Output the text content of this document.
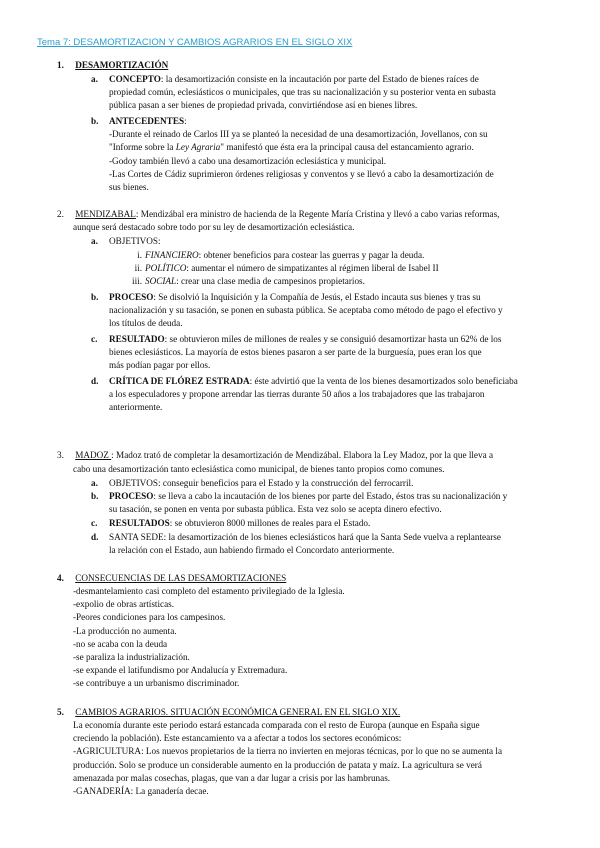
Tema 7: DESAMORTIZACION Y CAMBIOS AGRARIOS EN EL SIGLO XIX
1. DESAMORTIZACIÓN
a. CONCEPTO: la desamortización consiste en la incautación por parte del Estado de bienes raíces de
propiedad común, eclesiásticos o municipales, que tras su nacionalización y su posterior venta en subasta
pública pasan a ser bienes de propiedad privada, convirtiéndose así en bienes libres.
b. ANTECEDENTES:
-Durante el reinado de Carlos III ya se planteó la necesidad de una desamortización, Jovellanos, con su
"Informe sobre la Ley Agraria" manifestó que ésta era la principal causa del estancamiento agrario.
-Godoy también llevó a cabo una desamortización eclesiástica y municipal.
-Las Cortes de Cádiz suprimieron órdenes religiosas y conventos y se llevó a cabo la desamortización de
sus bienes.
2. MENDIZABAL: Mendizábal era ministro de hacienda de la Regente María Cristina y llevó a cabo varias reformas,
aunque será destacado sobre todo por su ley de desamortización eclesiástica.
a. OBJETIVOS:
i. FINANCIERO: obtener beneficios para costear las guerras y pagar la deuda.
ii. POLÍTICO: aumentar el número de simpatizantes al régimen liberal de Isabel II
iii. SOCIAL: crear una clase media de campesinos propietarios.
b. PROCESO: Se disolvió la Inquisición y la Compañía de Jesús, el Estado incauta sus bienes y tras su
nacionalización y su tasación, se ponen en subasta pública. Se aceptaba como método de pago el efectivo y
los títulos de deuda.
c. RESULTADO: se obtuvieron miles de millones de reales y se consiguió desamortizar hasta un 62% de los
bienes eclesiásticos. La mayoría de estos bienes pasaron a ser parte de la burguesía, pues eran los que
más podían pagar por ellos.
d. CRÍTICA DE FLÓREZ ESTRADA: éste advirtió que la venta de los bienes desamortizados solo beneficiaba
a los especuladores y propone arrendar las tierras durante 50 años a los trabajadores que las trabajaron
anteriormente.
3. MADOZ : Madoz trató de completar la desamortización de Mendizábal. Elabora la Ley Madoz, por la que lleva a
cabo una desamortización tanto eclesiástica como municipal, de bienes tanto propios como comunes.
a. OBJETIVOS: conseguir beneficios para el Estado y la construcción del ferrocarril.
b. PROCESO: se lleva a cabo la incautación de los bienes por parte del Estado, éstos tras su nacionalización y
su tasación, se ponen en venta por subasta pública. Esta vez solo se acepta dinero efectivo.
c. RESULTADOS: se obtuvieron 8000 millones de reales para el Estado.
d. SANTA SEDE: la desamortización de los bienes eclesiásticos hará que la Santa Sede vuelva a replantearse
la relación con el Estado, aun habiendo firmado el Concordato anteriormente.
4. CONSECUENCIAS DE LAS DESAMORTIZACIONES
-desmantelamiento casi completo del estamento privilegiado de la Iglesia.
-expolio de obras artísticas.
-Peores condiciones para los campesinos.
-La producción no aumenta.
-no se acaba con la deuda
-se paraliza la industrialización.
-se expande el latifundismo por Andalucía y Extremadura.
-se contribuye a un urbanismo discriminador.
5. CAMBIOS AGRARIOS. SITUACIÓN ECONÓMICA GENERAL EN EL SIGLO XIX.
La economía durante este periodo estará estancada comparada con el resto de Europa (aunque en España sigue
creciendo la población). Este estancamiento va a afectar a todos los sectores económicos:
-AGRICULTURA: Los nuevos propietarios de la tierra no invierten en mejoras técnicas, por lo que no se aumenta la
producción. Solo se produce un considerable aumento en la producción de patata y maíz. La agricultura se verá
amenazada por malas cosechas, plagas, que van a dar lugar a crisis por las hambrunas.
-GANADERÍA: La ganadería decae.
